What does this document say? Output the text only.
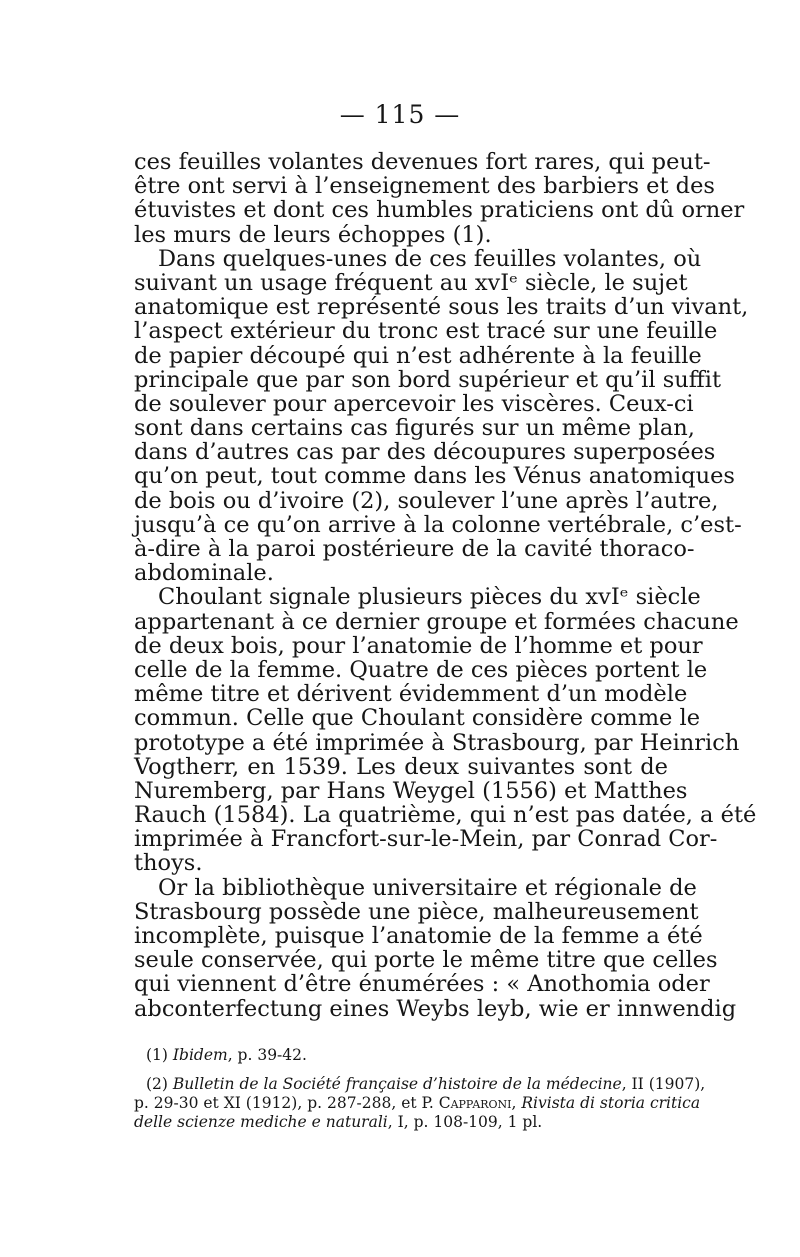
— 115 —
ces feuilles volantes devenues fort rares, qui peut-
être ont servi à l’enseignement des barbiers et des
étuvistes et dont ces humbles praticiens ont dû orner
les murs de leurs échoppes (1).
Dans quelques-unes de ces feuilles volantes, où
suivant un usage fréquent au xvIᵉ siècle, le sujet
anatomique est représenté sous les traits d’un vivant,
l’aspect extérieur du tronc est tracé sur une feuille
de papier découpé qui n’est adhérente à la feuille
principale que par son bord supérieur et qu’il suffit
de soulever pour apercevoir les viscères. Ceux-ci
sont dans certains cas figurés sur un même plan,
dans d’autres cas par des découpures superposées
qu’on peut, tout comme dans les Vénus anatomiques
de bois ou d’ivoire (2), soulever l’une après l’autre,
jusqu’à ce qu’on arrive à la colonne vertébrale, c’est-
à-dire à la paroi postérieure de la cavité thoraco-
abdominale.
Choulant signale plusieurs pièces du xvIᵉ siècle
appartenant à ce dernier groupe et formées chacune
de deux bois, pour l’anatomie de l’homme et pour
celle de la femme. Quatre de ces pièces portent le
même titre et dérivent évidemment d’un modèle
commun. Celle que Choulant considère comme le
prototype a été imprimée à Strasbourg, par Heinrich
Vogtherr, en 1539. Les deux suivantes sont de
Nuremberg, par Hans Weygel (1556) et Matthes
Rauch (1584). La quatrième, qui n’est pas datée, a été
imprimée à Francfort-sur-le-Mein, par Conrad Cor-
thoys.
Or la bibliothèque universitaire et régionale de
Strasbourg possède une pièce, malheureusement
incomplète, puisque l’anatomie de la femme a été
seule conservée, qui porte le même titre que celles
qui viennent d’être énumérées : « Anothomia oder
abconterfectung eines Weybs leyb, wie er innwendig
(1) Ibidem, p. 39-42.
(2) Bulletin de la Société française d’histoire de la médecine, II (1907),
p. 29-30 et XI (1912), p. 287-288, et P. Capparoni, Rivista di storia critica
delle scienze mediche e naturali, I, p. 108-109, 1 pl.
